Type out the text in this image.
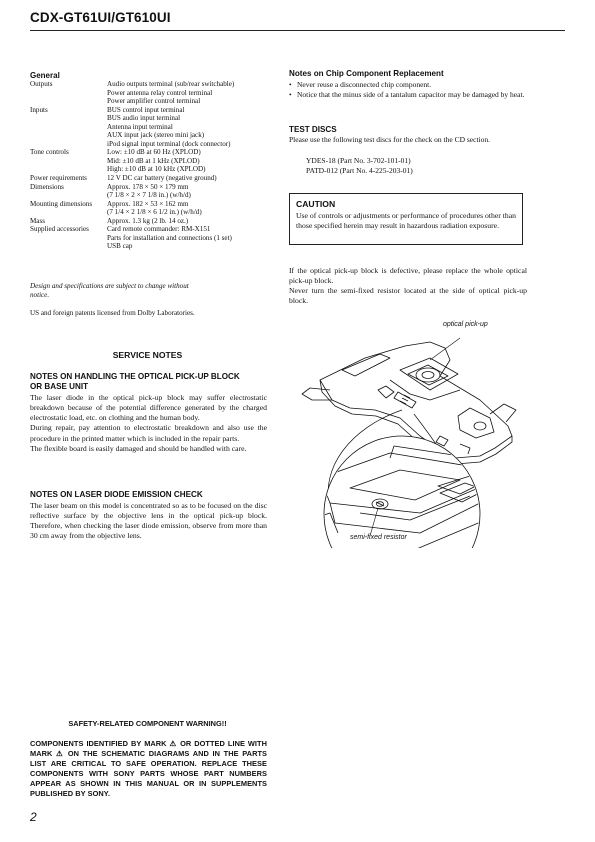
CDX-GT61UI/GT610UI
General
Outputs	Audio outputs terminal (sub/rear switchable)
	Power antenna relay control terminal
	Power amplifier control terminal
Inputs	BUS control input terminal
	BUS audio input terminal
	Antenna input terminal
	AUX input jack (stereo mini jack)
	iPod signal input terminal (dock connector)
Tone controls	Low: ±10 dB at 60 Hz (XPLOD)
	Mid: ±10 dB at 1 kHz (XPLOD)
	High: ±10 dB at 10 kHz (XPLOD)
Power requirements	12 V DC car battery (negative ground)
Dimensions	Approx. 178 × 50 × 179 mm
	(7 1/8 × 2 × 7 1/8 in.) (w/h/d)
Mounting dimensions	Approx. 182 × 53 × 162 mm
	(7 1/4 × 2 1/8 × 6 1/2 in.) (w/h/d)
Mass	Approx. 1.3 kg (2 lb. 14 oz.)
Supplied accessories	Card remote commander: RM-X151
	Parts for installation and connections (1 set)
	USB cap
Design and specifications are subject to change without
notice.
US and foreign patents licensed from Dolby Laboratories.
SERVICE NOTES
NOTES ON HANDLING THE OPTICAL PICK-UP BLOCK
OR BASE UNIT
The laser diode in the optical pick-up block may suffer electrostatic breakdown because of the potential difference generated by the charged electrostatic load, etc. on clothing and the human body.
During repair, pay attention to electrostatic breakdown and also use the procedure in the printed matter which is included in the repair parts.
The flexible board is easily damaged and should be handled with care.
NOTES ON LASER DIODE EMISSION CHECK
The laser beam on this model is concentrated so as to be focused on the disc reflective surface by the objective lens in the optical pick-up block. Therefore, when checking the laser diode emission, observe from more than 30 cm away from the objective lens.
Notes on Chip Component Replacement
• Never reuse a disconnected chip component.
• Notice that the minus side of a tantalum capacitor may be damaged by heat.
TEST DISCS
Please use the following test discs for the check on the CD section.
YDES-18 (Part No. 3-702-101-01)
PATD-012 (Part No. 4-225-203-01)
CAUTION
Use of controls or adjustments or performance of procedures other than those specified herein may result in hazardous radiation exposure.
If the optical pick-up block is defective, please replace the whole optical pick-up block.
Never turn the semi-fixed resistor located at the side of optical pick-up block.
optical pick-up
semi-fixed resistor
SAFETY-RELATED COMPONENT WARNING!!
COMPONENTS IDENTIFIED BY MARK ⚠ OR DOTTED LINE WITH MARK ⚠ ON THE SCHEMATIC DIAGRAMS AND IN THE PARTS LIST ARE CRITICAL TO SAFE OPERATION. REPLACE THESE COMPONENTS WITH SONY PARTS WHOSE PART NUMBERS APPEAR AS SHOWN IN THIS MANUAL OR IN SUPPLEMENTS PUBLISHED BY SONY.
2
